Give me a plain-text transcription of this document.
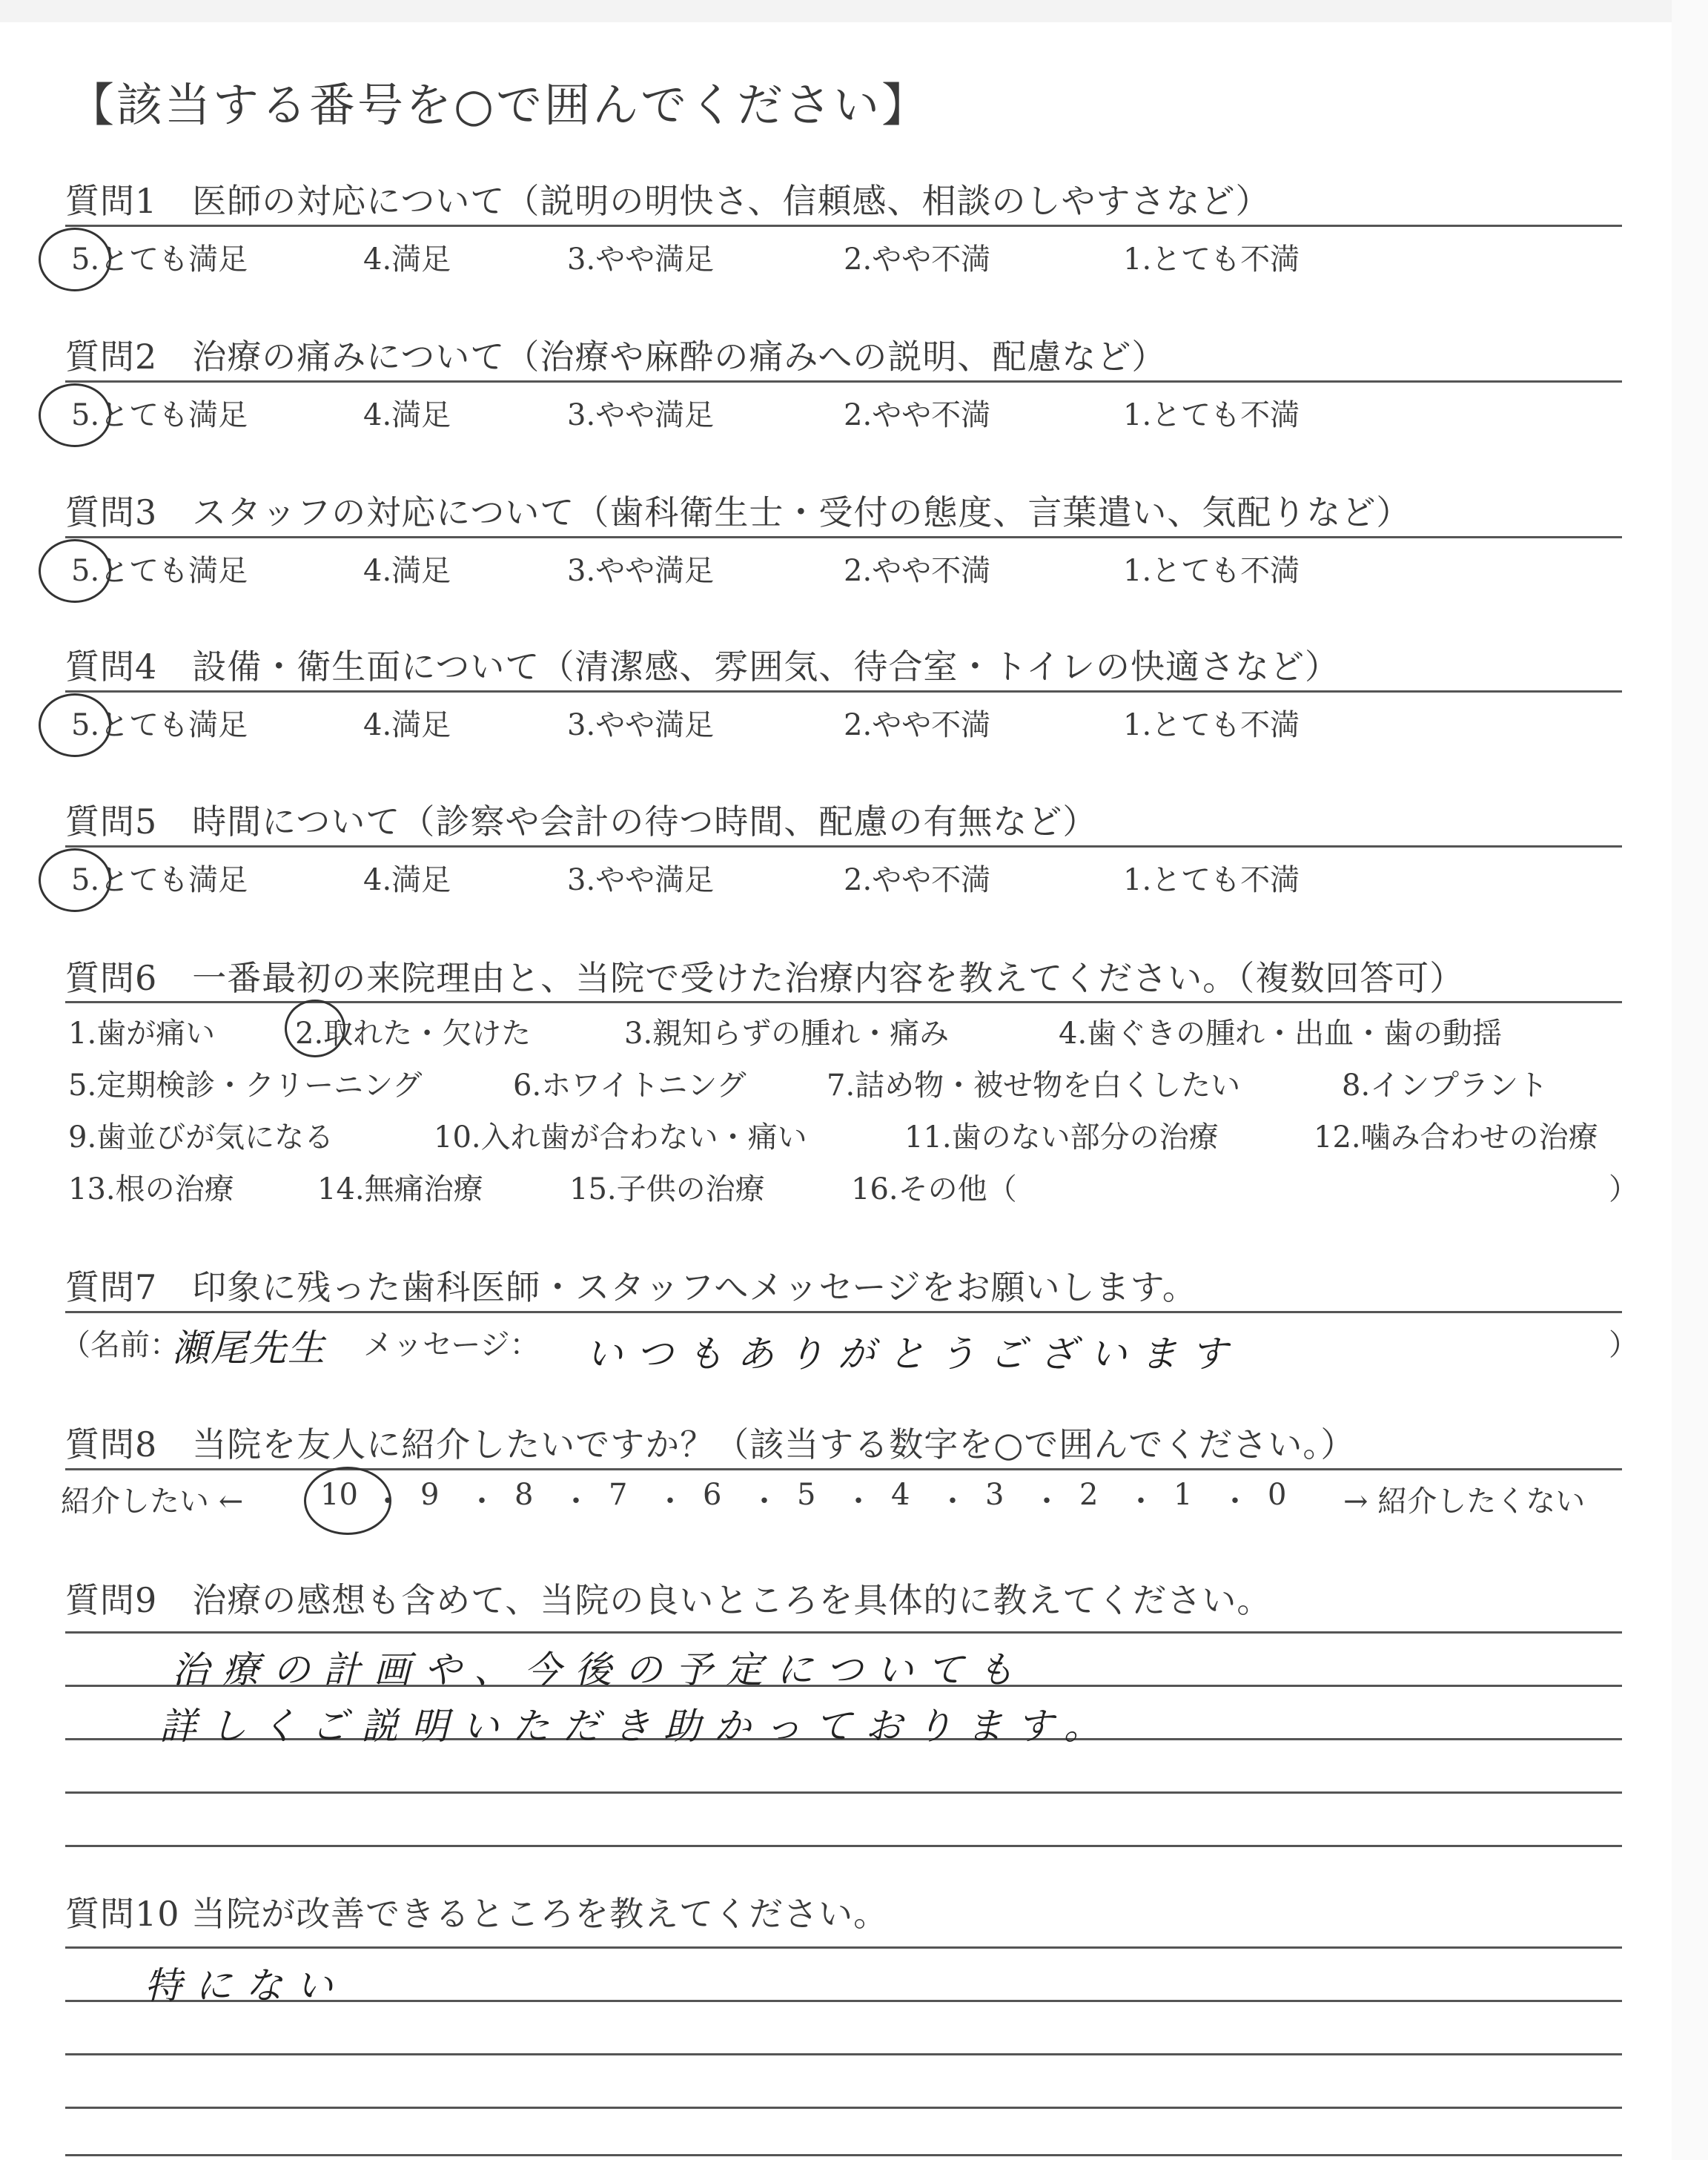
【該当する番号を○で囲んでください】
質問1　医師の対応について（説明の明快さ、信頼感、相談のしやすさなど）
5.とても満足	4.満足	3.やや満足	2.やや不満	1.とても不満
質問2　治療の痛みについて（治療や麻酔の痛みへの説明、配慮など）
5.とても満足	4.満足	3.やや満足	2.やや不満	1.とても不満
質問3　スタッフの対応について（歯科衛生士・受付の態度、言葉遣い、気配りなど）
5.とても満足	4.満足	3.やや満足	2.やや不満	1.とても不満
質問4　設備・衛生面について（清潔感、雰囲気、待合室・トイレの快適さなど）
5.とても満足	4.満足	3.やや満足	2.やや不満	1.とても不満
質問5　時間について（診察や会計の待つ時間、配慮の有無など）
5.とても満足	4.満足	3.やや満足	2.やや不満	1.とても不満
質問6　一番最初の来院理由と、当院で受けた治療内容を教えてください。（複数回答可）
1.歯が痛い	2.取れた・欠けた	3.親知らずの腫れ・痛み	4.歯ぐきの腫れ・出血・歯の動揺
5.定期検診・クリーニング	6.ホワイトニング	7.詰め物・被せ物を白くしたい	8.インプラント
9.歯並びが気になる	10.入れ歯が合わない・痛い	11.歯のない部分の治療	12.噛み合わせの治療
13.根の治療	14.無痛治療	15.子供の治療	16.その他（	）
質問7　印象に残った歯科医師・スタッフへメッセージをお願いします。
（名前：
瀬尾先生 メッセージ： いつもありがとうございます	）
質問8　当院を友人に紹介したいですか？（該当する数字を○で囲んでください。）
紹介したい ←	10 ・ 9 ・ 8 ・ 7 ・ 6 ・ 5 ・ 4 ・ 3 ・ 2 ・ 1 ・ 0 → 紹介したくない
質問9　治療の感想も含めて、当院の良いところを具体的に教えてください。
治療の計画や、今後の予定についても
詳しくご説明いただき助かっております。
質問10 当院が改善できるところを教えてください。
特にない
